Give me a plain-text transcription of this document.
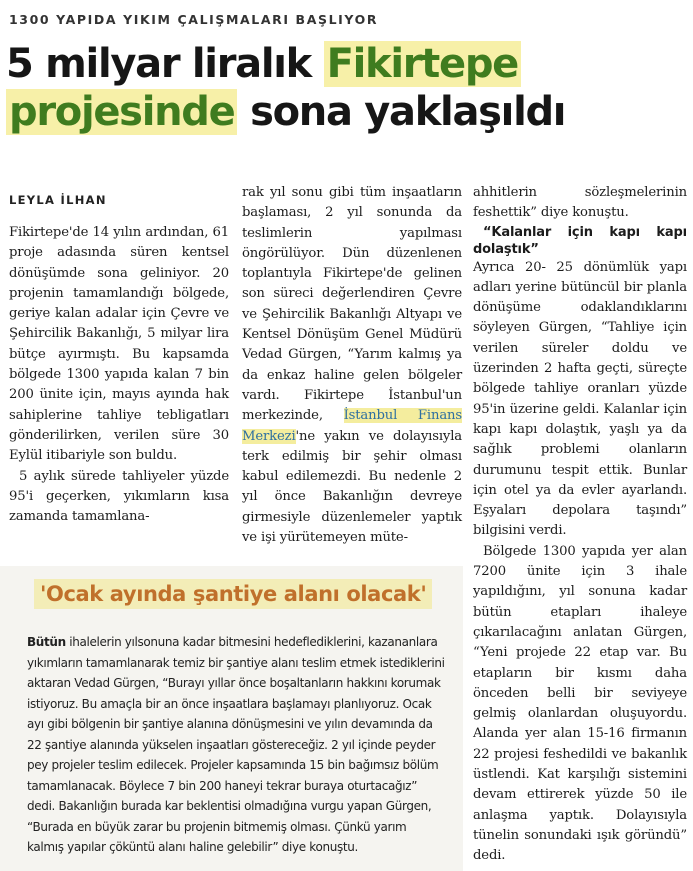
1300 YAPIDA YIKIM ÇALIŞMALARI BAŞLIYOR
5 milyar liralık Fikirtepe
projesinde sona yaklaşıldı
LEYLA İLHAN

Fikirtepe'de 14 yılın ardından, 61 proje adasında süren kentsel dönüşümde sona geliniyor. 20 projenin tamamlandığı bölgede, geriye kalan adalar için Çevre ve Şehircilik Bakanlığı, 5 milyar lira bütçe ayırmıştı. Bu kapsamda bölgede 1300 yapıda kalan 7 bin 200 ünite için, mayıs ayında hak sahiplerine tahliye tebligatları gönderilirken, verilen süre 30 Eylül itibariyle son buldu.

5 aylık sürede tahliyeler yüzde 95'i geçerken, yıkımların kısa zamanda tamamlana-

rak yıl sonu gibi tüm inşaatların başlaması, 2 yıl sonunda da teslimlerin yapılması öngörülüyor. Dün düzenlenen toplantıyla Fikirtepe'de gelinen son süreci değerlendiren Çevre ve Şehircilik Bakanlığı Altyapı ve Kentsel Dönüşüm Genel Müdürü Vedad Gürgen, “Yarım kalmış ya da enkaz haline gelen bölgeler vardı. Fikirtepe İstanbul'un merkezinde, İstanbul Finans Merkezi'ne yakın ve dolayısıyla terk edilmiş bir şehir olması kabul edilemezdi. Bu nedenle 2 yıl önce Bakanlığın devreye girmesiyle düzenlemeler yaptık ve işi yürütemeyen müte-

ahhitlerin sözleşmelerinin feshettik” diye konuştu.

“Kalanlar için kapı kapı dolaştık”

Ayrıca 20- 25 dönümlük yapı adları yerine bütüncül bir planla dönüşüme odaklandıklarını söyleyen Gürgen, “Tahliye için verilen süreler doldu ve üzerinden 2 hafta geçti, süreçte bölgede tahliye oranları yüzde 95'in üzerine geldi. Kalanlar için kapı kapı dolaştık, yaşlı ya da sağlık problemi olanların durumunu tespit ettik. Bunlar için otel ya da evler ayarlandı. Eşyaları depolara taşındı” bilgisini verdi.

Bölgede 1300 yapıda yer alan 7200 ünite için 3 ihale yapıldığını, yıl sonuna kadar bütün etapları ihaleye çıkarılacağını anlatan Gürgen, “Yeni projede 22 etap var. Bu etapların bir kısmı daha önceden belli bir seviyeye gelmiş olanlardan oluşuyordu. Alanda yer alan 15-16 firmanın 22 projesi feshedildi ve bakanlık üstlendi. Kat karşılığı sistemini devam ettirerek yüzde 50 ile anlaşma yaptık. Dolayısıyla tünelin sonundaki ışık göründü” dedi.

'Ocak ayında şantiye alanı olacak'

Bütün ihalelerin yılsonuna kadar bitmesini hedeflediklerini, kazananlara yıkımların tamamlanarak temiz bir şantiye alanı teslim etmek istediklerini aktaran Vedad Gürgen, “Burayı yıllar önce boşaltanların hakkını korumak istiyoruz. Bu amaçla bir an önce inşaatlara başlamayı planlıyoruz. Ocak ayı gibi bölgenin bir şantiye alanına dönüşmesini ve yılın devamında da 22 şantiye alanında yükselen inşaatları göstereceğiz. 2 yıl içinde peyder pey projeler teslim edilecek. Projeler kapsamında 15 bin bağımsız bölüm tamamlanacak. Böylece 7 bin 200 haneyi tekrar buraya oturtacağız” dedi. Bakanlığın burada kar beklentisi olmadığına vurgu yapan Gürgen, “Burada en büyük zarar bu projenin bitmemiş olması. Çünkü yarım kalmış yapılar çöküntü alanı haline gelebilir” diye konuştu.
